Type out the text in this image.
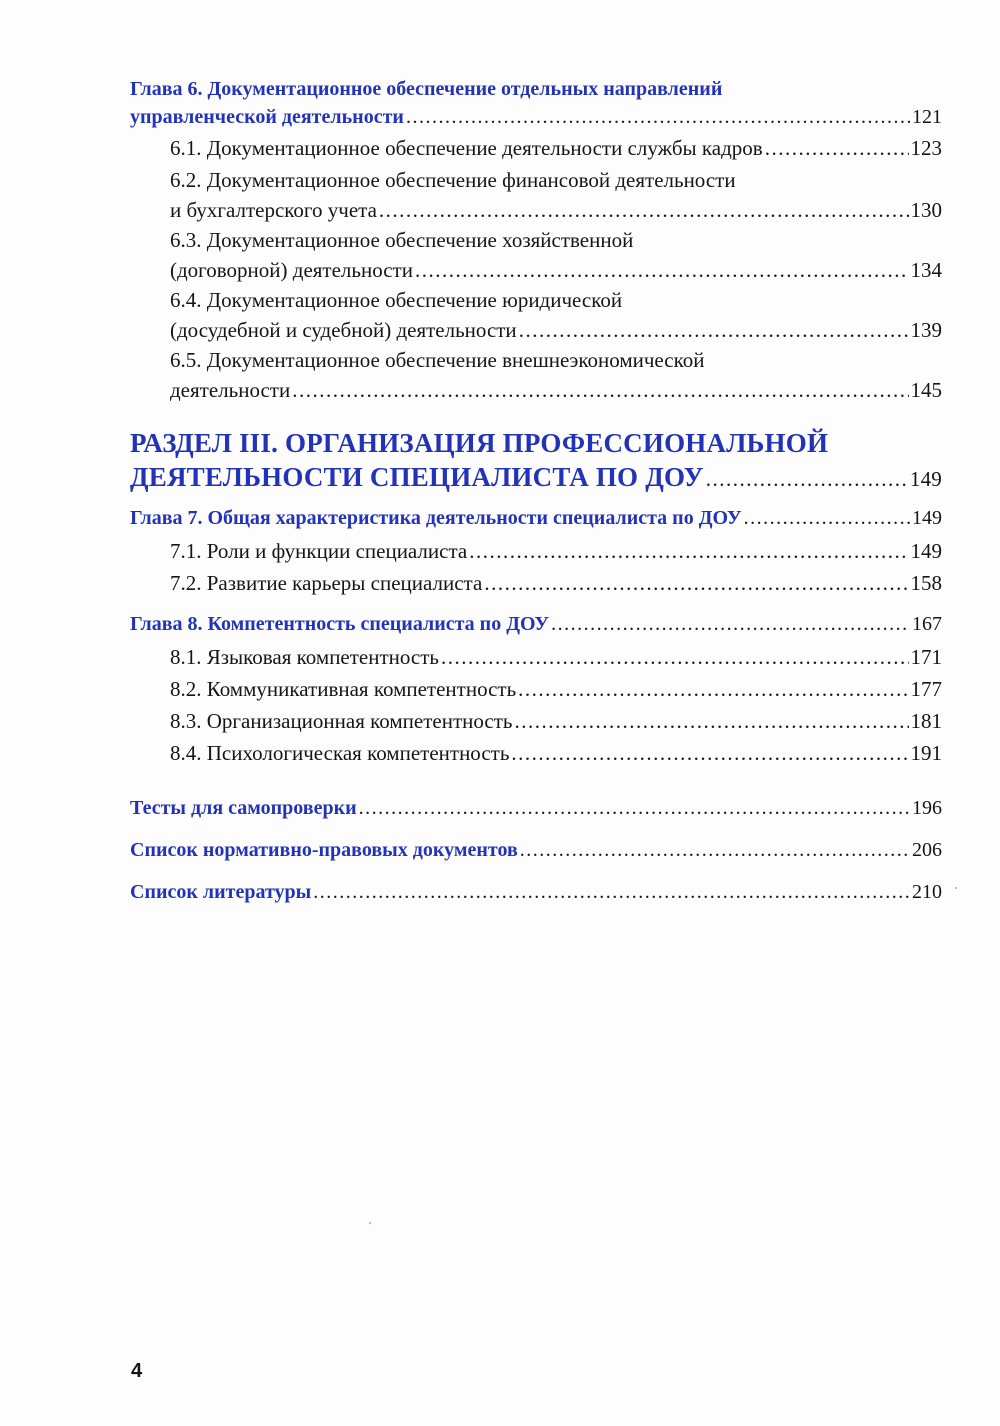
Глава 6. Документационное обеспечение отдельных направлений
управленческой деятельности .....	121
6.1. Документационное обеспечение деятельности службы кадров .....	123
6.2. Документационное обеспечение финансовой деятельности
и бухгалтерского учета .....	130
6.3. Документационное обеспечение хозяйственной
(договорной) деятельности .....	134
6.4. Документационное обеспечение юридической
(досудебной и судебной) деятельности .....	139
6.5. Документационное обеспечение внешнеэкономической
деятельности .....	145
РАЗДЕЛ III. ОРГАНИЗАЦИЯ ПРОФЕССИОНАЛЬНОЙ
ДЕЯТЕЛЬНОСТИ СПЕЦИАЛИСТА ПО ДОУ .....	149
Глава 7. Общая характеристика деятельности специалиста по ДОУ .....	149
7.1. Роли и функции специалиста .....	149
7.2. Развитие карьеры специалиста .....	158
Глава 8. Компетентность специалиста по ДОУ .....	167
8.1. Языковая компетентность .....	171
8.2. Коммуникативная компетентность .....	177
8.3. Организационная компетентность .....	181
8.4. Психологическая компетентность .....	191
Тесты для самопроверки .....	196
Список нормативно-правовых документов .....	206
Список литературы .....	210
4
